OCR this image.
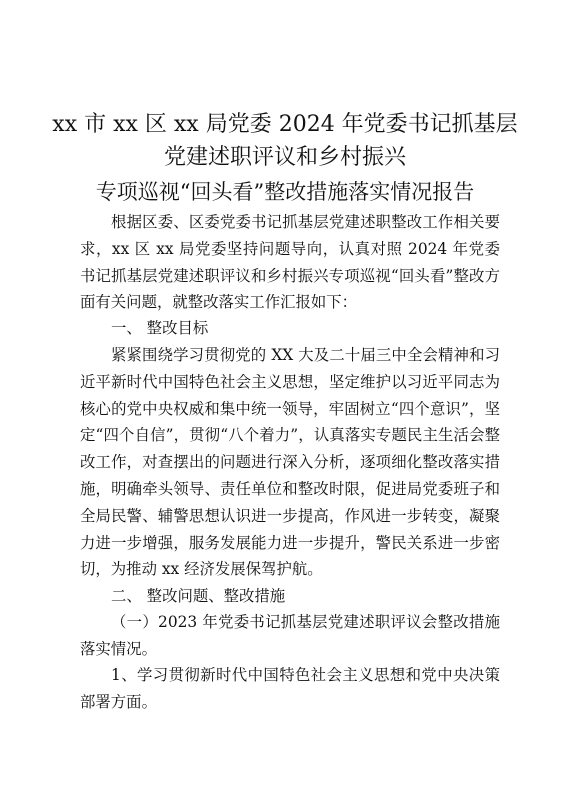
xx 市 xx 区 xx 局党委 2024 年党委书记抓基层
党建述职评议和乡村振兴
专项巡视“回头看”整改措施落实情况报告

根据区委、区委党委书记抓基层党建述职整改工作相关要求，xx 区 xx 局党委坚持问题导向，认真对照 2024 年党委书记抓基层党建述职评议和乡村振兴专项巡视“回头看”整改方面有关问题，就整改落实工作汇报如下：

一、 整改目标

紧紧围绕学习贯彻党的 XX 大及二十届三中全会精神和习近平新时代中国特色社会主义思想，坚定维护以习近平同志为核心的党中央权威和集中统一领导，牢固树立“四个意识”，坚定“四个自信”，贯彻“八个着力”，认真落实专题民主生活会整改工作，对查摆出的问题进行深入分析，逐项细化整改落实措施，明确牵头领导、责任单位和整改时限，促进局党委班子和全局民警、辅警思想认识进一步提高，作风进一步转变，凝聚力进一步增强，服务发展能力进一步提升，警民关系进一步密切，为推动 xx 经济发展保驾护航。

二、 整改问题、整改措施

（一）2023 年党委书记抓基层党建述职评议会整改措施落实情况。

1、学习贯彻新时代中国特色社会主义思想和党中央决策部署方面。
